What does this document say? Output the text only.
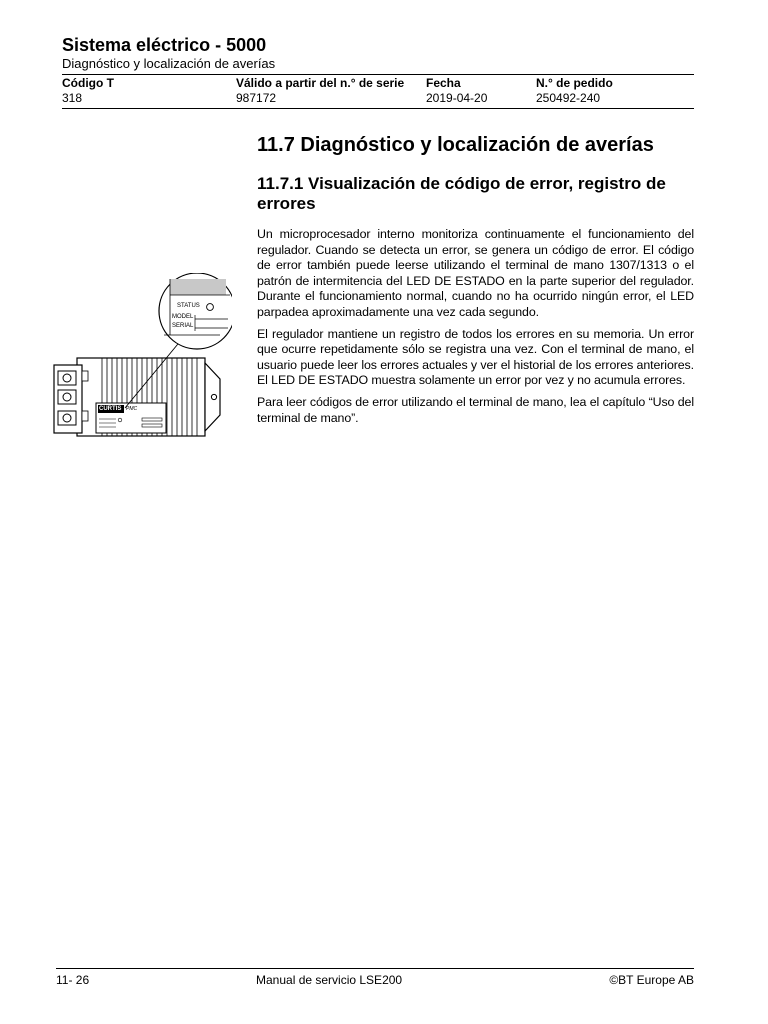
Sistema eléctrico - 5000

Diagnóstico y localización de averías

Código T
318
Válido a partir del n.° de serie
987172
Fecha
2019-04-20
N.° de pedido
250492-240
11.7 Diagnóstico y localización de averías
11.7.1 Visualización de código de error, registro de errores

Un microprocesador interno monitoriza continuamente el funcionamiento del regulador. Cuando se detecta un error, se genera un código de error. El código de error también puede leerse utilizando el terminal de mano 1307/1313 o el patrón de intermitencia del LED DE ESTADO en la parte superior del regulador. Durante el funcionamiento normal, cuando no ha ocurrido ningún error, el LED parpadea aproximadamente una vez cada segundo.

El regulador mantiene un registro de todos los errores en su memoria. Un error que ocurre repetidamente sólo se registra una vez. Con el terminal de mano, el usuario puede leer los errores actuales y ver el historial de los errores anteriores. El LED DE ESTADO muestra solamente un error por vez y no acumula errores.

Para leer códigos de error utilizando el terminal de mano, lea el capítulo “Uso del terminal de mano”.

STATUS
MODEL
SERIAL
CURTIS PMC
11- 26	Manual de servicio LSE200	©BT Europe AB
